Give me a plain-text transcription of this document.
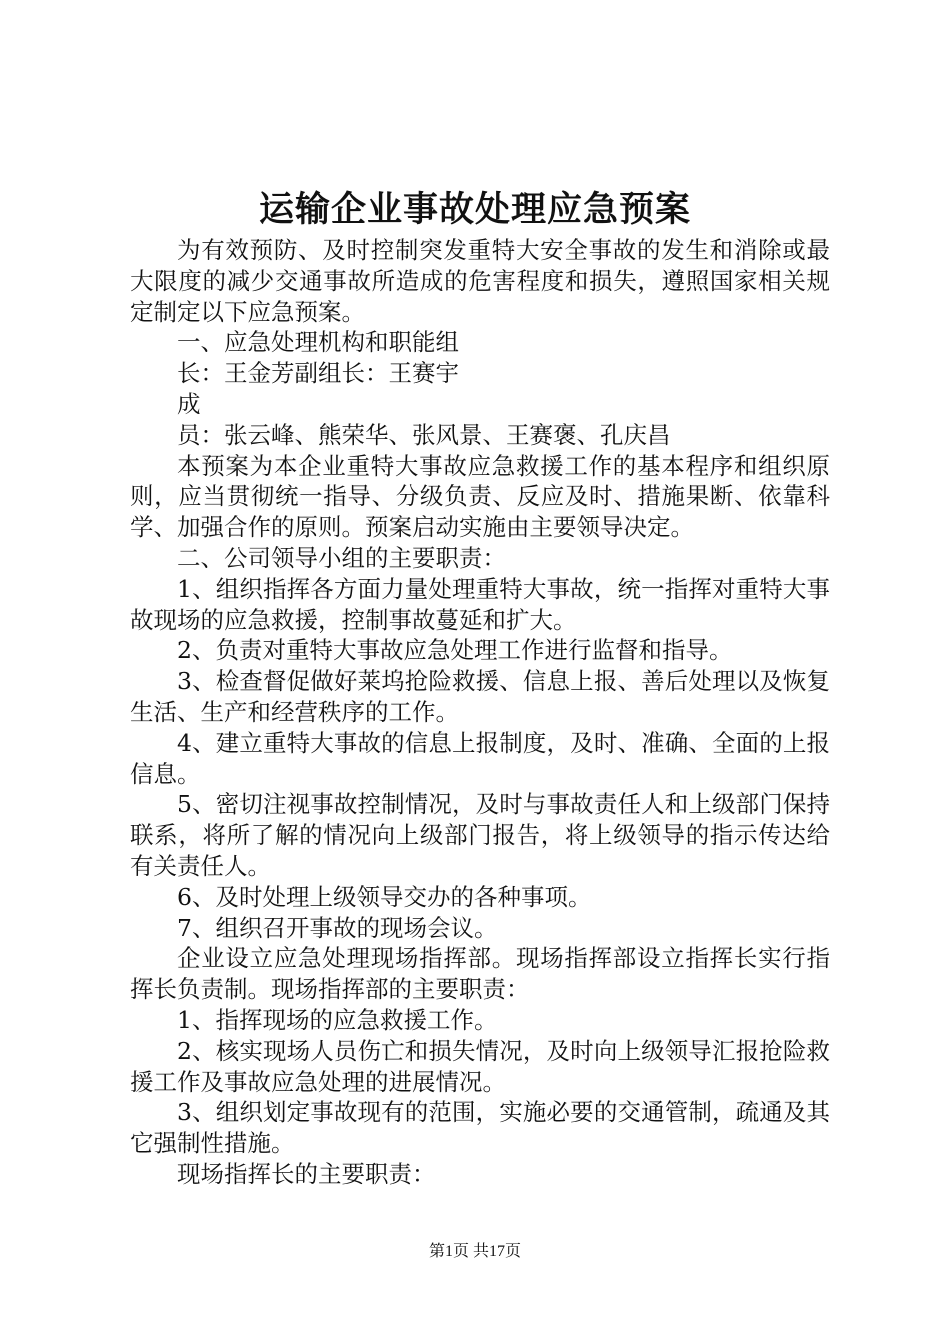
运输企业事故处理应急预案

为有效预防、及时控制突发重特大安全事故的发生和消除或最大限度的减少交通事故所造成的危害程度和损失，遵照国家相关规定制定以下应急预案。

一、应急处理机构和职能组

长：王金芳副组长：王赛宇

成

员：张云峰、熊荣华、张风景、王赛褒、孔庆昌

本预案为本企业重特大事故应急救援工作的基本程序和组织原则，应当贯彻统一指导、分级负责、反应及时、措施果断、依靠科学、加强合作的原则。预案启动实施由主要领导决定。

二、公司领导小组的主要职责：

1、组织指挥各方面力量处理重特大事故，统一指挥对重特大事故现场的应急救援，控制事故蔓延和扩大。

2、负责对重特大事故应急处理工作进行监督和指导。

3、检查督促做好莱坞抢险救援、信息上报、善后处理以及恢复生活、生产和经营秩序的工作。

4、建立重特大事故的信息上报制度，及时、准确、全面的上报信息。

5、密切注视事故控制情况，及时与事故责任人和上级部门保持联系，将所了解的情况向上级部门报告，将上级领导的指示传达给有关责任人。

6、及时处理上级领导交办的各种事项。

7、组织召开事故的现场会议。

企业设立应急处理现场指挥部。现场指挥部设立指挥长实行指挥长负责制。现场指挥部的主要职责：

1、指挥现场的应急救援工作。

2、核实现场人员伤亡和损失情况，及时向上级领导汇报抢险救援工作及事故应急处理的进展情况。

3、组织划定事故现有的范围，实施必要的交通管制，疏通及其它强制性措施。

现场指挥长的主要职责：

第1页 共17页
